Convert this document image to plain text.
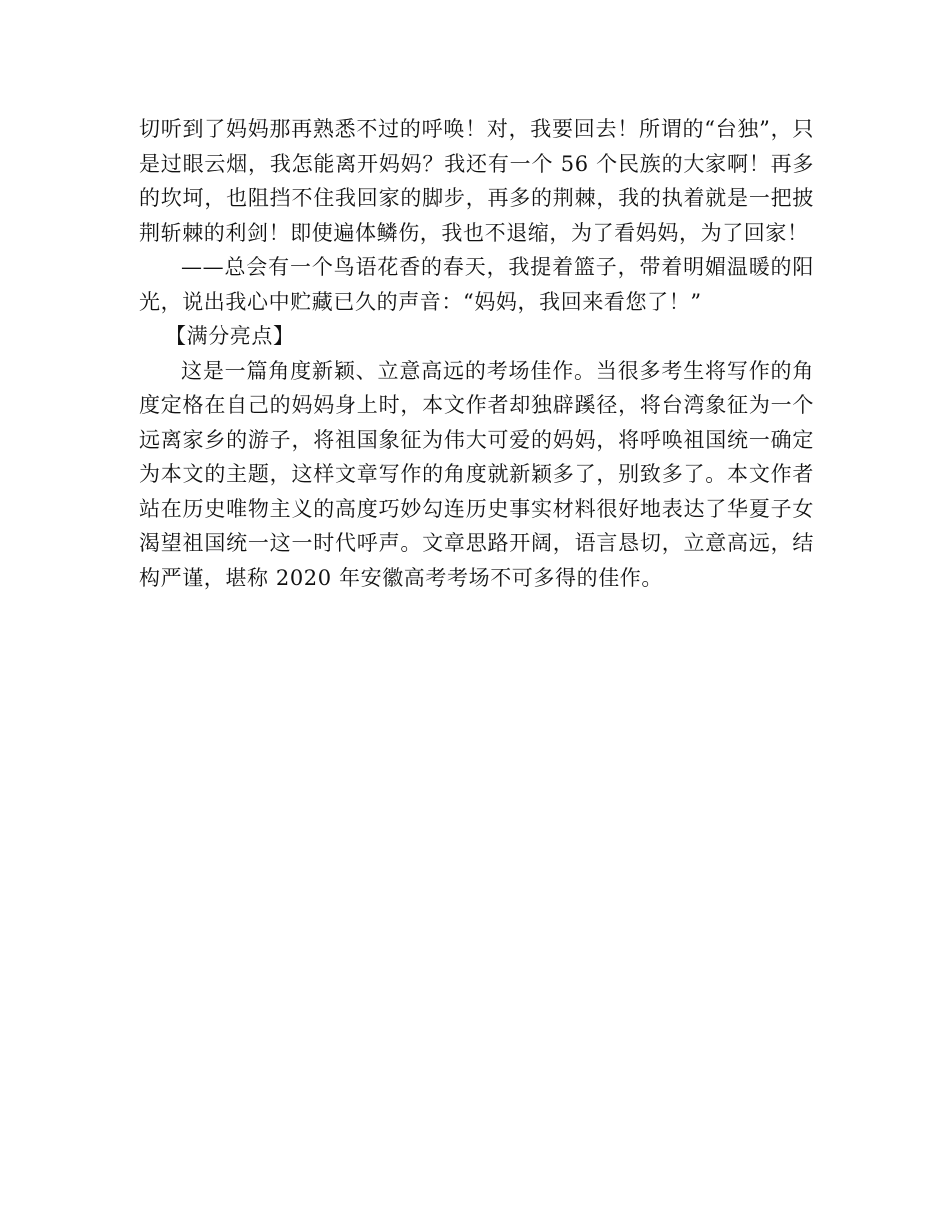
切听到了妈妈那再熟悉不过的呼唤！对，我要回去！所谓的“台独”，只是过眼云烟，我怎能离开妈妈？我还有一个 56 个民族的大家啊！再多的坎坷，也阻挡不住我回家的脚步，再多的荆棘，我的执着就是一把披荆斩棘的利剑！即使遍体鳞伤，我也不退缩，为了看妈妈，为了回家！

——总会有一个鸟语花香的春天，我提着篮子，带着明媚温暖的阳光，说出我心中贮藏已久的声音：“妈妈，我回来看您了！”

【满分亮点】

这是一篇角度新颖、立意高远的考场佳作。当很多考生将写作的角度定格在自己的妈妈身上时，本文作者却独辟蹊径，将台湾象征为一个远离家乡的游子，将祖国象征为伟大可爱的妈妈，将呼唤祖国统一确定为本文的主题，这样文章写作的角度就新颖多了，别致多了。本文作者站在历史唯物主义的高度巧妙勾连历史事实材料很好地表达了华夏子女渴望祖国统一这一时代呼声。文章思路开阔，语言恳切，立意高远，结构严谨，堪称 2020 年安徽高考考场不可多得的佳作。
